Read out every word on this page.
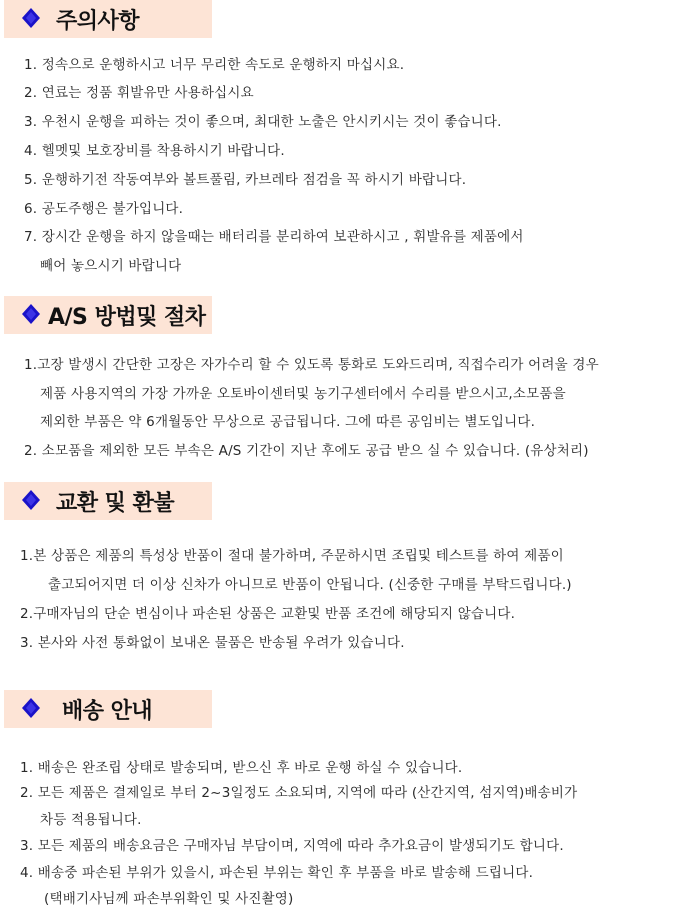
주의사항
1. 정속으로 운행하시고 너무 무리한 속도로 운행하지 마십시요.
2. 연료는 정품 휘발유만 사용하십시요
3. 우천시 운행을 피하는 것이 좋으며, 최대한 노출은 안시키시는 것이 좋습니다.
4. 헬멧및 보호장비를 착용하시기 바랍니다.
5. 운행하기전 작동여부와 볼트풀림, 카브레타 점검을 꼭 하시기 바랍니다.
6. 공도주행은 불가입니다.
7. 장시간 운행을 하지 않을때는 배터리를 분리하여 보관하시고 , 휘발유를 제품에서
빼어 놓으시기 바랍니다
A/S 방법및 절차
1.고장 발생시 간단한 고장은 자가수리 할 수 있도록 통화로 도와드리며, 직접수리가 어려울 경우
제품 사용지역의 가장 가까운 오토바이센터및 농기구센터에서 수리를 받으시고,소모품을
제외한 부품은 약 6개월동안 무상으로 공급됩니다. 그에 따른 공임비는 별도입니다.
2. 소모품을 제외한 모든 부속은 A/S 기간이 지난 후에도 공급 받으 실 수 있습니다. (유상처리)
교환 및 환불
1.본 상품은 제품의 특성상 반품이 절대 불가하며, 주문하시면 조립및 테스트를 하여 제품이
출고되어지면 더 이상 신차가 아니므로 반품이 안됩니다. (신중한 구매를 부탁드립니다.)
2.구매자님의 단순 변심이나 파손된 상품은 교환및 반품 조건에 해당되지 않습니다.
3. 본사와 사전 통화없이 보내온 물품은 반송될 우려가 있습니다.
배송 안내
1. 배송은 완조립 상태로 발송되며, 받으신 후 바로 운행 하실 수 있습니다.
2. 모든 제품은 결제일로 부터 2~3일정도 소요되며, 지역에 따라 (산간지역, 섬지역)배송비가
차등 적용됩니다.
3. 모든 제품의 배송요금은 구매자님 부담이며, 지역에 따라 추가요금이 발생되기도 합니다.
4. 배송중 파손된 부위가 있을시, 파손된 부위는 확인 후 부품을 바로 발송해 드립니다.
(택배기사님께 파손부위확인 및 사진촬영)
